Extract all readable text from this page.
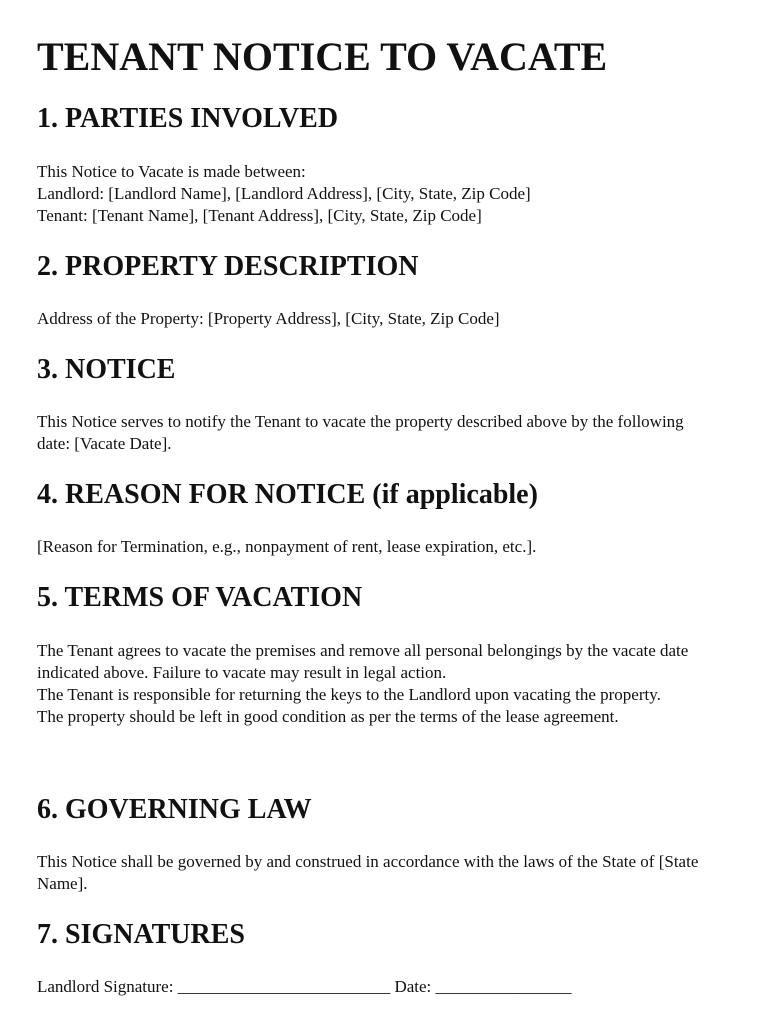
TENANT NOTICE TO VACATE
1. PARTIES INVOLVED
This Notice to Vacate is made between:
Landlord: [Landlord Name], [Landlord Address], [City, State, Zip Code]
Tenant: [Tenant Name], [Tenant Address], [City, State, Zip Code]
2. PROPERTY DESCRIPTION
Address of the Property: [Property Address], [City, State, Zip Code]
3. NOTICE
This Notice serves to notify the Tenant to vacate the property described above by the following date: [Vacate Date].
4. REASON FOR NOTICE (if applicable)
[Reason for Termination, e.g., nonpayment of rent, lease expiration, etc.].
5. TERMS OF VACATION
The Tenant agrees to vacate the premises and remove all personal belongings by the vacate date indicated above. Failure to vacate may result in legal action.
The Tenant is responsible for returning the keys to the Landlord upon vacating the property.
The property should be left in good condition as per the terms of the lease agreement.
6. GOVERNING LAW
This Notice shall be governed by and construed in accordance with the laws of the State of [State Name].
7. SIGNATURES
Landlord Signature: _________________________ Date: ________________
